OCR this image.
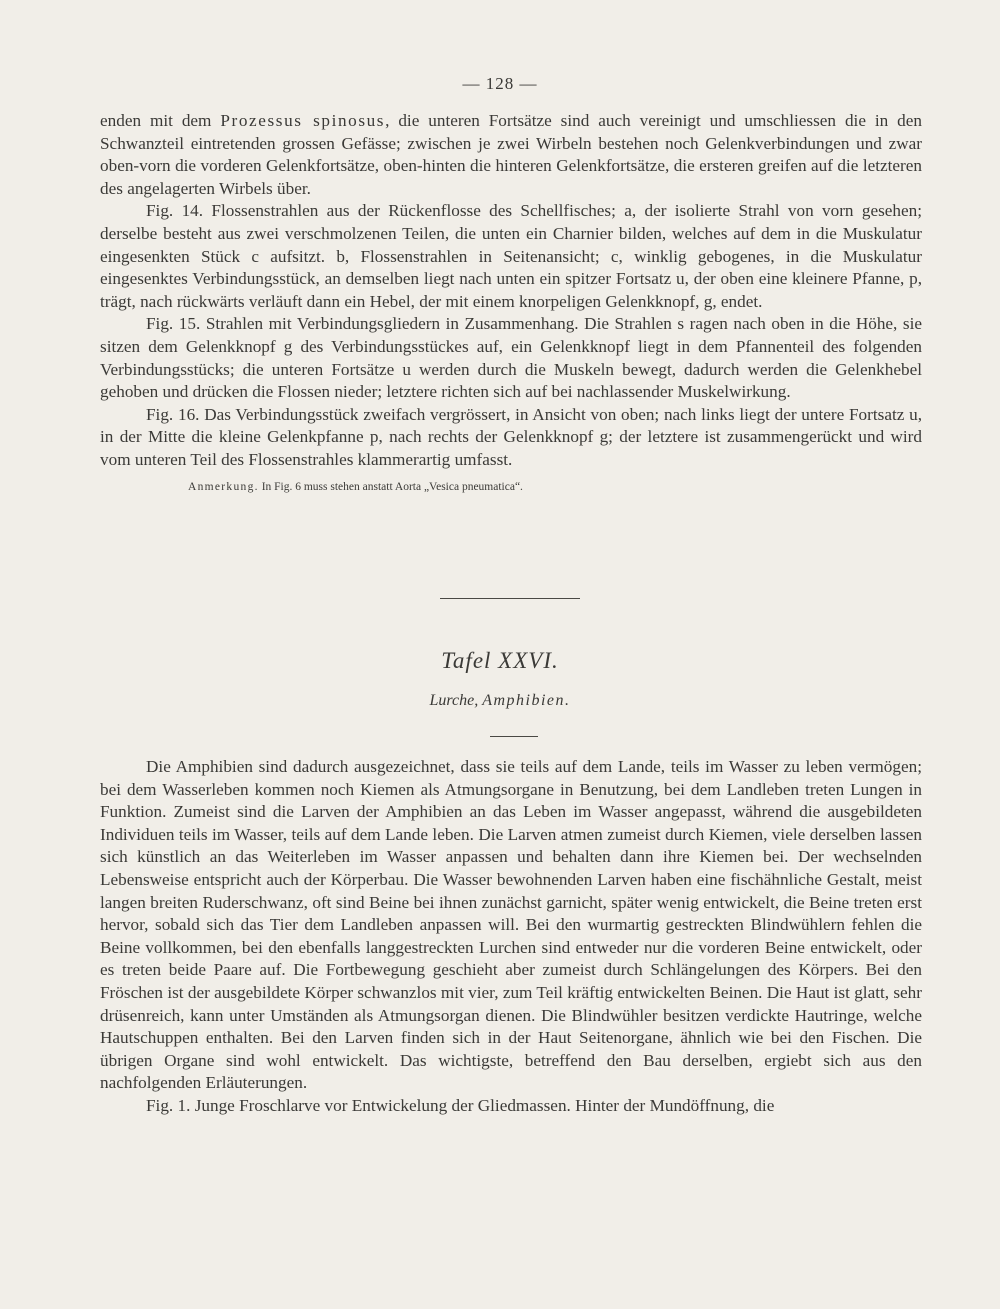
— 128 —

enden mit dem Prozessus spinosus, die unteren Fortsätze sind auch vereinigt und umschliessen die in den Schwanzteil eintretenden grossen Gefässe; zwischen je zwei Wirbeln bestehen noch Gelenkverbindungen und zwar oben-vorn die vorderen Gelenkfortsätze, oben-hinten die hinteren Gelenkfortsätze, die ersteren greifen auf die letzteren des angelagerten Wirbels über.

Fig. 14. Flossenstrahlen aus der Rückenflosse des Schellfisches; a, der isolierte Strahl von vorn gesehen; derselbe besteht aus zwei verschmolzenen Teilen, die unten ein Charnier bilden, welches auf dem in die Muskulatur eingesenkten Stück c aufsitzt. b, Flossenstrahlen in Seitenansicht; c, winklig gebogenes, in die Muskulatur eingesenktes Verbindungsstück, an demselben liegt nach unten ein spitzer Fortsatz u, der oben eine kleinere Pfanne, p, trägt, nach rückwärts verläuft dann ein Hebel, der mit einem knorpeligen Gelenkknopf, g, endet.

Fig. 15. Strahlen mit Verbindungsgliedern in Zusammenhang. Die Strahlen s ragen nach oben in die Höhe, sie sitzen dem Gelenkknopf g des Verbindungsstückes auf, ein Gelenkknopf liegt in dem Pfannenteil des folgenden Verbindungsstücks; die unteren Fortsätze u werden durch die Muskeln bewegt, dadurch werden die Gelenkhebel gehoben und drücken die Flossen nieder; letztere richten sich auf bei nachlassender Muskelwirkung.

Fig. 16. Das Verbindungsstück zweifach vergrössert, in Ansicht von oben; nach links liegt der untere Fortsatz u, in der Mitte die kleine Gelenkpfanne p, nach rechts der Gelenkknopf g; der letztere ist zusammengerückt und wird vom unteren Teil des Flossenstrahles klammerartig umfasst.

Anmerkung. In Fig. 6 muss stehen anstatt Aorta „Vesica pneumatica“.

Tafel XXVI.
Lurche, Amphibien.

Die Amphibien sind dadurch ausgezeichnet, dass sie teils auf dem Lande, teils im Wasser zu leben vermögen; bei dem Wasserleben kommen noch Kiemen als Atmungsorgane in Benutzung, bei dem Landleben treten Lungen in Funktion. Zumeist sind die Larven der Amphibien an das Leben im Wasser angepasst, während die ausgebildeten Individuen teils im Wasser, teils auf dem Lande leben. Die Larven atmen zumeist durch Kiemen, viele derselben lassen sich künstlich an das Weiterleben im Wasser anpassen und behalten dann ihre Kiemen bei. Der wechselnden Lebensweise entspricht auch der Körperbau. Die Wasser bewohnenden Larven haben eine fischähnliche Gestalt, meist langen breiten Ruderschwanz, oft sind Beine bei ihnen zunächst garnicht, später wenig entwickelt, die Beine treten erst hervor, sobald sich das Tier dem Landleben anpassen will. Bei den wurmartig gestreckten Blindwühlern fehlen die Beine vollkommen, bei den ebenfalls langgestreckten Lurchen sind entweder nur die vorderen Beine entwickelt, oder es treten beide Paare auf. Die Fortbewegung geschieht aber zumeist durch Schlängelungen des Körpers. Bei den Fröschen ist der ausgebildete Körper schwanzlos mit vier, zum Teil kräftig entwickelten Beinen. Die Haut ist glatt, sehr drüsenreich, kann unter Umständen als Atmungsorgan dienen. Die Blindwühler besitzen verdickte Hautringe, welche Hautschuppen enthalten. Bei den Larven finden sich in der Haut Seitenorgane, ähnlich wie bei den Fischen. Die übrigen Organe sind wohl entwickelt. Das wichtigste, betreffend den Bau derselben, ergiebt sich aus den nachfolgenden Erläuterungen.

Fig. 1. Junge Froschlarve vor Entwickelung der Gliedmassen. Hinter der Mundöffnung, die
